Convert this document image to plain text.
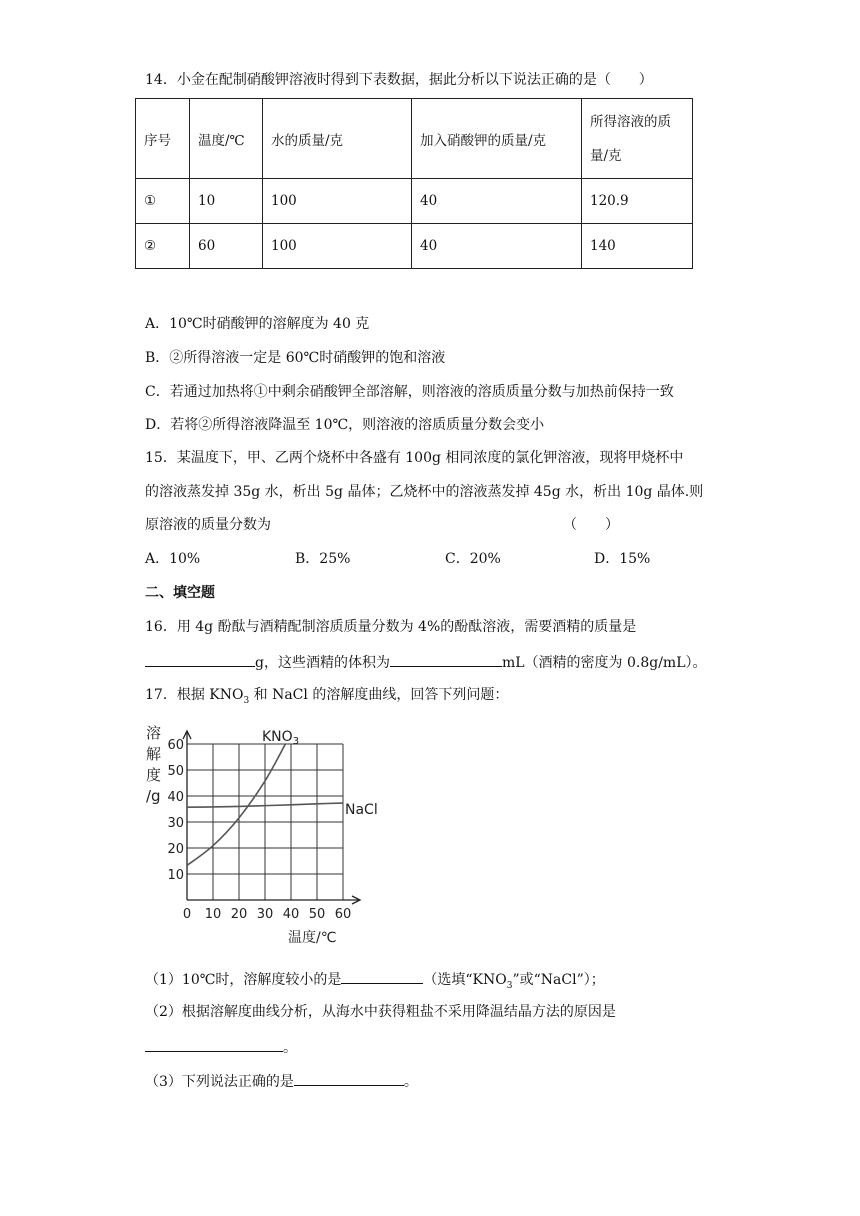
14．小金在配制硝酸钾溶液时得到下表数据，据此分析以下说法正确的是（　　）
序号	温度/℃	水的质量/克	加入硝酸钾的质量/克	所得溶液的质
量/克
①	10	100	40	120.9
②	60	100	40	140
A．10℃时硝酸钾的溶解度为 40 克
B．②所得溶液一定是 60℃时硝酸钾的饱和溶液
C．若通过加热将①中剩余硝酸钾全部溶解，则溶液的溶质质量分数与加热前保持一致
D．若将②所得溶液降温至 10℃，则溶液的溶质质量分数会变小
15．某温度下，甲、乙两个烧杯中各盛有 100g 相同浓度的氯化钾溶液，现将甲烧杯中
的溶液蒸发掉 35g 水，析出 5g 晶体；乙烧杯中的溶液蒸发掉 45g 水，析出 10g 晶体.则
原溶液的质量分数为	（　　）
A．10%	B．25%	C．20%	D．15%
二、填空题
16．用 4g 酚酞与酒精配制溶质质量分数为 4%的酚酞溶液，需要酒精的质量是
g，这些酒精的体积为	mL（酒精的密度为 0.8g/mL）。
17．根据 $KNO_3$ 和 NaCl 的溶解度曲线，回答下列问题：
溶
解
度
/g
0 10 20 30 40 50 60
10
20
30
40
50
60
$KNO_3$
NaCl
温度/℃
（1）10℃时，溶解度较小的是	（选填“$KNO_3$”或“NaCl”）；
（2）根据溶解度曲线分析，从海水中获得粗盐不采用降温结晶方法的原因是
。
（3）下列说法正确的是	。
